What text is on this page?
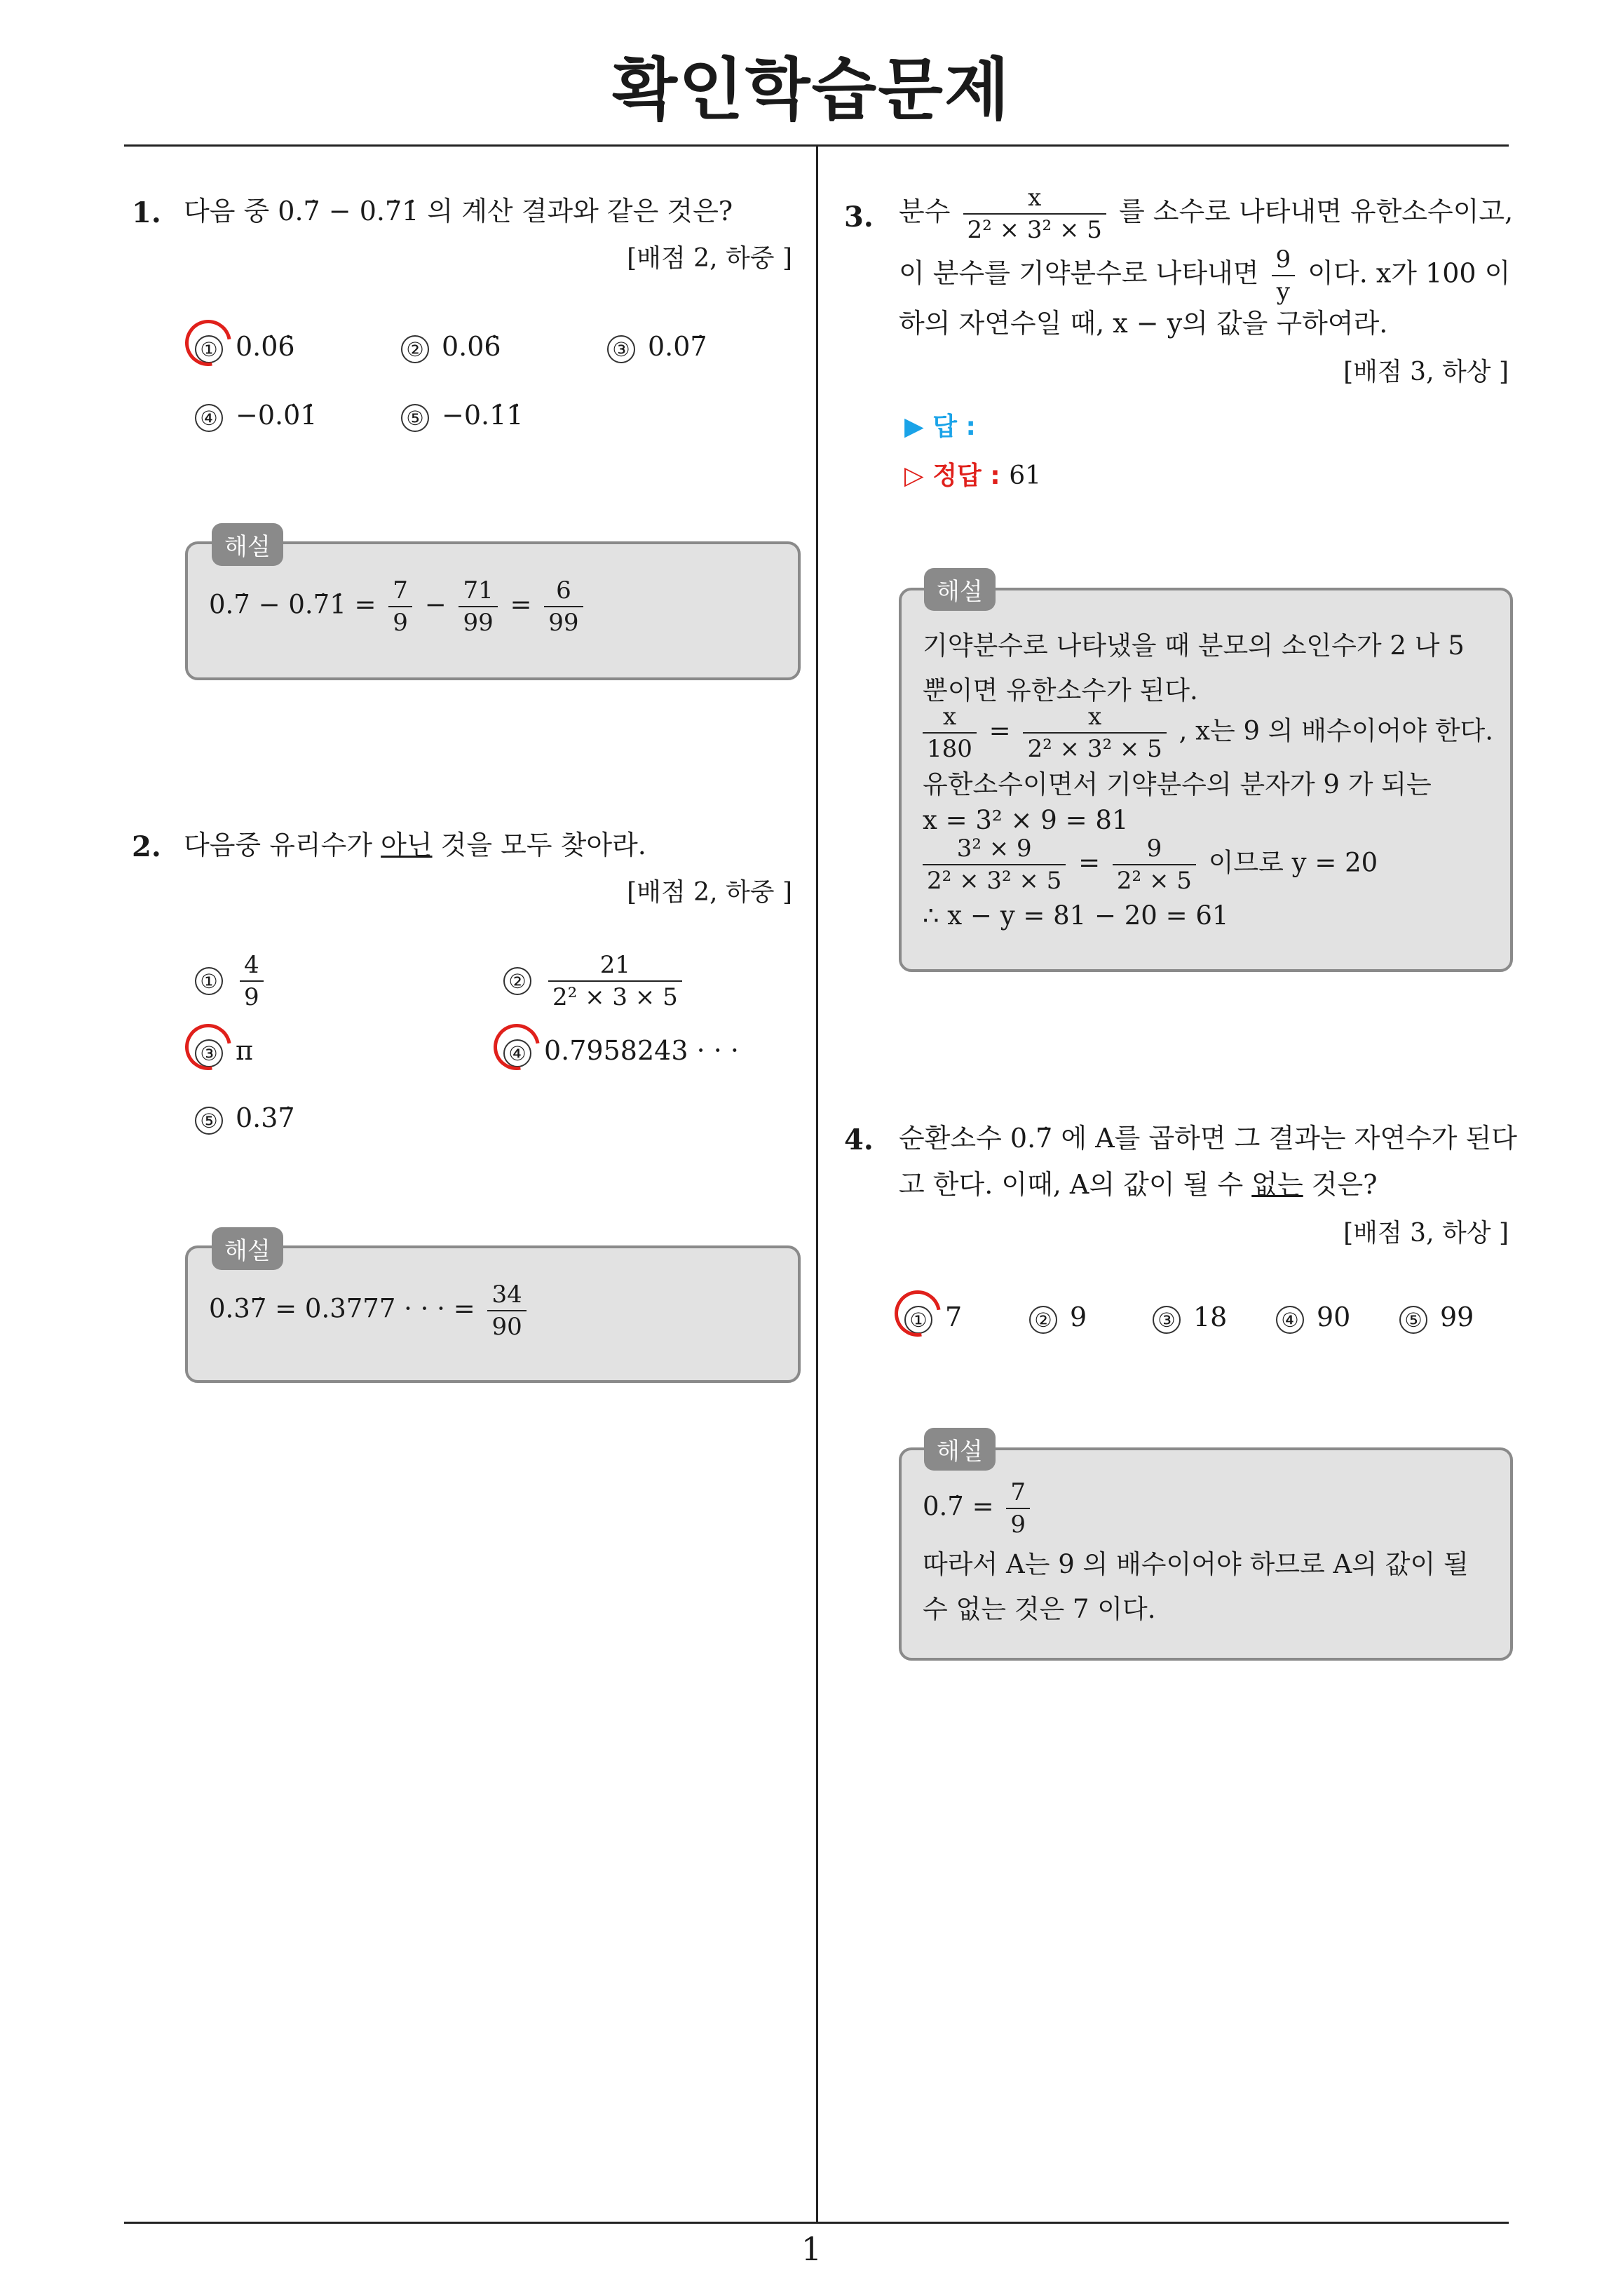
확인학습문제
1. 다음 중 0.7̇ − 0.7̇1̇ 의 계산 결과와 같은 것은?
[배점 2, 하중 ]
① 0.0̇6̇	② 0.06̇	③ 0.07̇
④ −0.0̇1̇	⑤ −0.1̇1̇
0.7̇ − 0.7̇1̇ = $\frac{7}{9} - \frac{71}{99} = \frac{6}{99}$
해설
2. 다음중 유리수가 아닌 것을 모두 찾아라.
[배점 2, 하중 ]
① $\frac{4}{9}$	② $\frac{21}{\text{2² × 3 × 5}}$
③ π	④ 0.7958243 · · ·
⑤ 0.37̇
0.37̇ = 0.3777 · · · = $\frac{34}{90}$
해설
3. 분수 $\frac{x}{\text{2² × 3² × 5}}$ 를 소수로 나타내면 유한소수이고,
이 분수를 기약분수로 나타내면 $\frac{9}{y}$ 이다. x가 100 이
하의 자연수일 때, x − y의 값을 구하여라.
[배점 3, 하상 ]
▶ 답 :
▷ 정답 : 61
기약분수로 나타냈을 때 분모의 소인수가 2 나 5
뿐이면 유한소수가 된다.
$\frac{x}{180} = \frac{x}{\text{2² × 3² × 5}}$ , x는 9 의 배수이어야 한다.
유한소수이면서 기약분수의 분자가 9 가 되는
x = 3² × 9 = 81
$\frac{\text{3² × 9}}{\text{2² × 3² × 5}} = \frac{9}{\text{2² × 5}}$ 이므로 y = 20
∴ x − y = 81 − 20 = 61
해설
4. 순환소수 0.7̇ 에 A를 곱하면 그 결과는 자연수가 된다
고 한다. 이때, A의 값이 될 수 없는 것은?
[배점 3, 하상 ]
① 7	② 9	③ 18	④ 90	⑤ 99
0.7̇ = $\frac{7}{9}$
따라서 A는 9 의 배수이어야 하므로 A의 값이 될
수 없는 것은 7 이다.
해설
1
